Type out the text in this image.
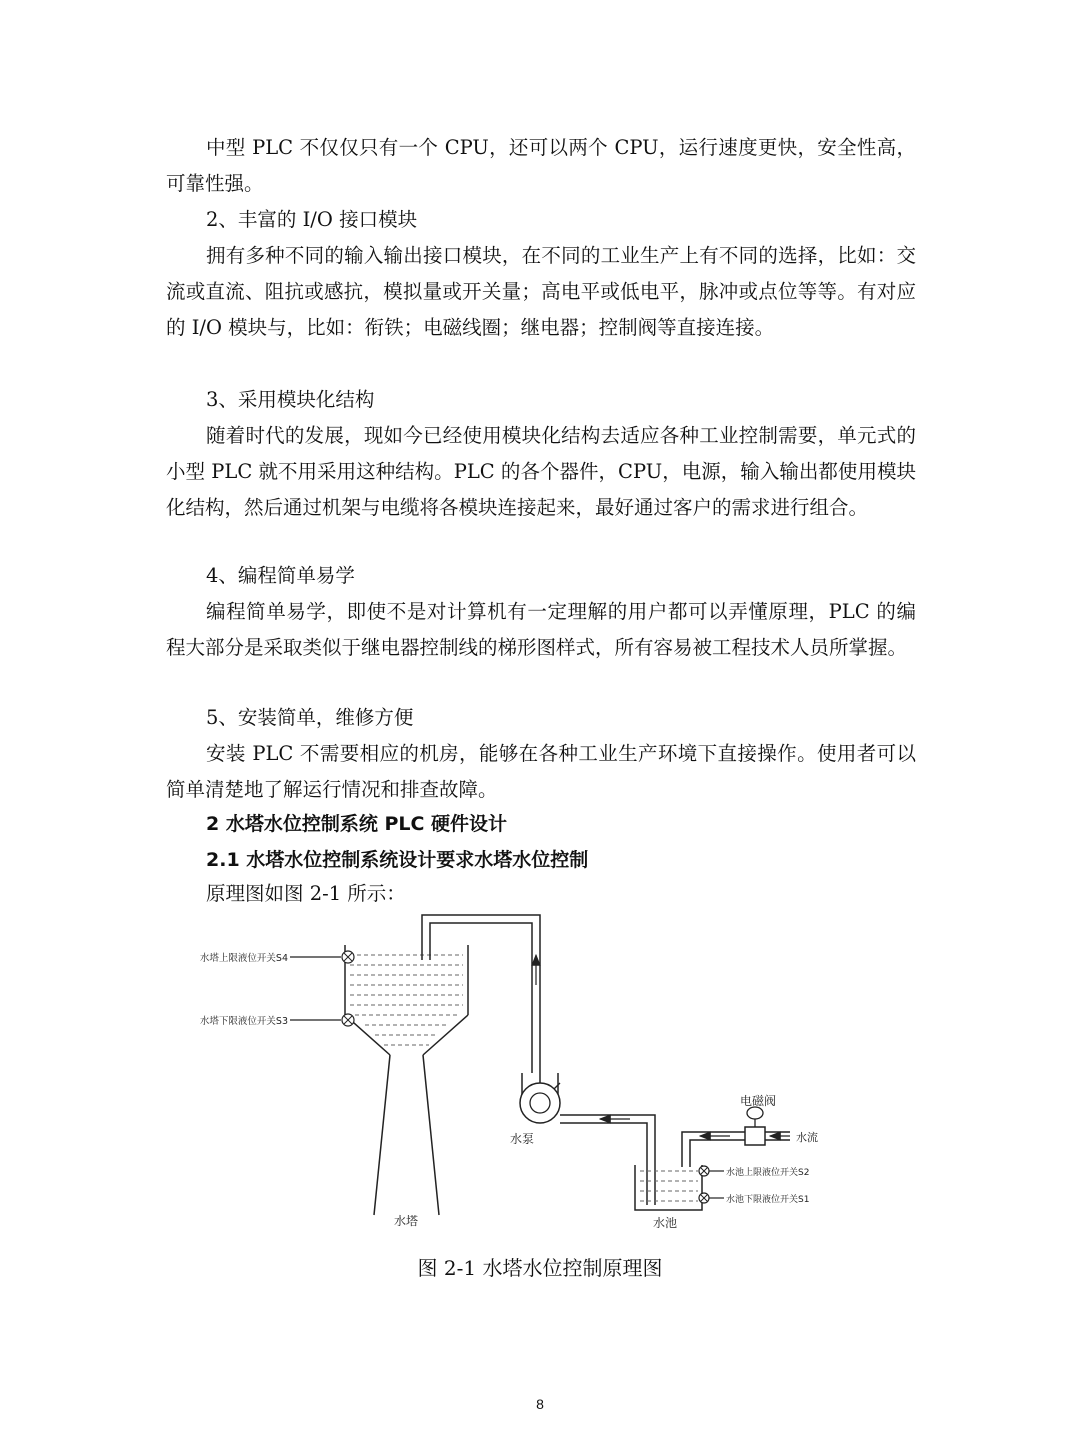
中型 PLC 不仅仅只有一个 CPU，还可以两个 CPU，运行速度更快，安全性高，可靠性强。

2、丰富的 I/O 接口模块

拥有多种不同的输入输出接口模块，在不同的工业生产上有不同的选择，比如：交流或直流、阻抗或感抗，模拟量或开关量；高电平或低电平，脉冲或点位等等。有对应的 I/O 模块与，比如：衔铁；电磁线圈；继电器；控制阀等直接连接。

3、采用模块化结构

随着时代的发展，现如今已经使用模块化结构去适应各种工业控制需要，单元式的小型 PLC 就不用采用这种结构。PLC 的各个器件，CPU，电源，输入输出都使用模块化结构，然后通过机架与电缆将各模块连接起来，最好通过客户的需求进行组合。

4、编程简单易学

编程简单易学，即使不是对计算机有一定理解的用户都可以弄懂原理，PLC 的编程大部分是采取类似于继电器控制线的梯形图样式，所有容易被工程技术人员所掌握。

5、安装简单，维修方便

安装 PLC 不需要相应的机房，能够在各种工业生产环境下直接操作。使用者可以简单清楚地了解运行情况和排查故障。

2 水塔水位控制系统 PLC 硬件设计

2.1 水塔水位控制系统设计要求水塔水位控制

原理图如图 2-1 所示：

水塔上限液位开关S4
水塔下限液位开关S3
水塔
水泵
水池
电磁阀
水流
水池上限液位开关S2
水池下限液位开关S1
图 2-1 水塔水位控制原理图
8
